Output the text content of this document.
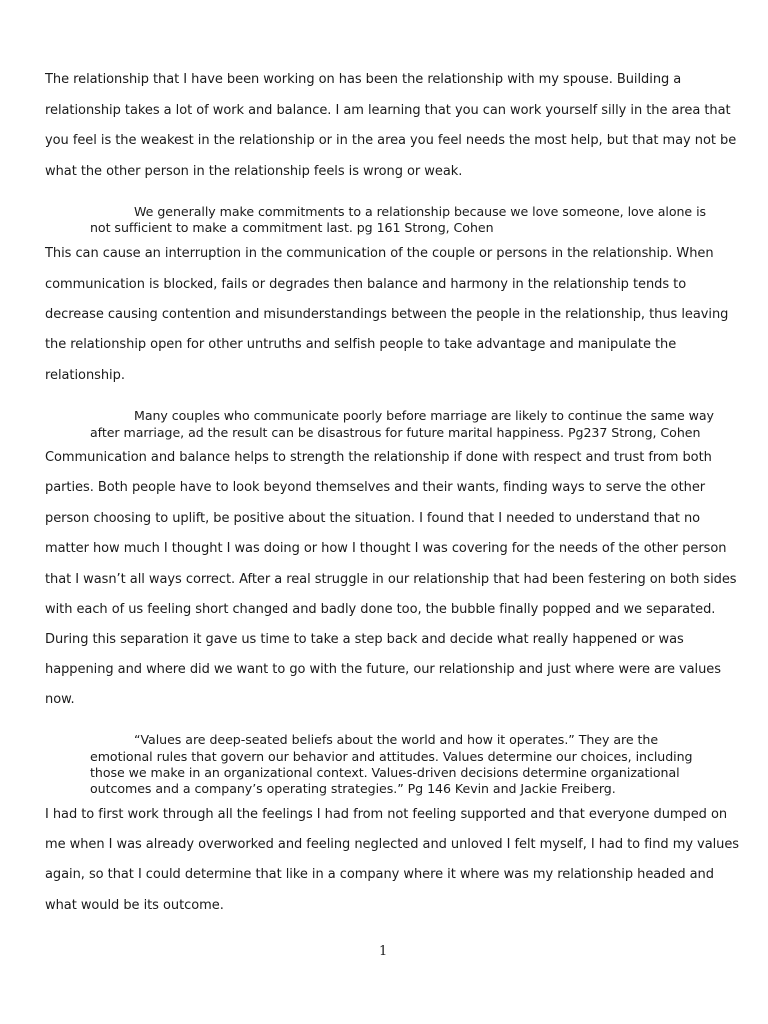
The relationship that I have been working on has been the relationship with my spouse. Building a
relationship takes a lot of work and balance. I am learning that you can work yourself silly in the area that
you feel is the weakest in the relationship or in the area you feel needs the most help, but that may not be
what the other person in the relationship feels is wrong or weak.
We generally make commitments to a relationship because we love someone, love alone is
not sufficient to make a commitment last. pg 161 Strong, Cohen
This can cause an interruption in the communication of the couple or persons in the relationship. When
communication is blocked, fails or degrades then balance and harmony in the relationship tends to
decrease causing contention and misunderstandings between the people in the relationship, thus leaving
the relationship open for other untruths and selfish people to take advantage and manipulate the
relationship.
Many couples who communicate poorly before marriage are likely to continue the same way
after marriage, ad the result can be disastrous for future marital happiness. Pg237 Strong, Cohen
Communication and balance helps to strength the relationship if done with respect and trust from both
parties. Both people have to look beyond themselves and their wants, finding ways to serve the other
person choosing to uplift, be positive about the situation. I found that I needed to understand that no
matter how much I thought I was doing or how I thought I was covering for the needs of the other person
that I wasn’t all ways correct. After a real struggle in our relationship that had been festering on both sides
with each of us feeling short changed and badly done too, the bubble finally popped and we separated.
During this separation it gave us time to take a step back and decide what really happened or was
happening and where did we want to go with the future, our relationship and just where were are values
now.
“Values are deep-seated beliefs about the world and how it operates.” They are the
emotional rules that govern our behavior and attitudes. Values determine our choices, including
those we make in an organizational context. Values-driven decisions determine organizational
outcomes and a company’s operating strategies.” Pg 146 Kevin and Jackie Freiberg.
I had to first work through all the feelings I had from not feeling supported and that everyone dumped on
me when I was already overworked and feeling neglected and unloved I felt myself, I had to find my values
again, so that I could determine that like in a company where it where was my relationship headed and
what would be its outcome.
1
